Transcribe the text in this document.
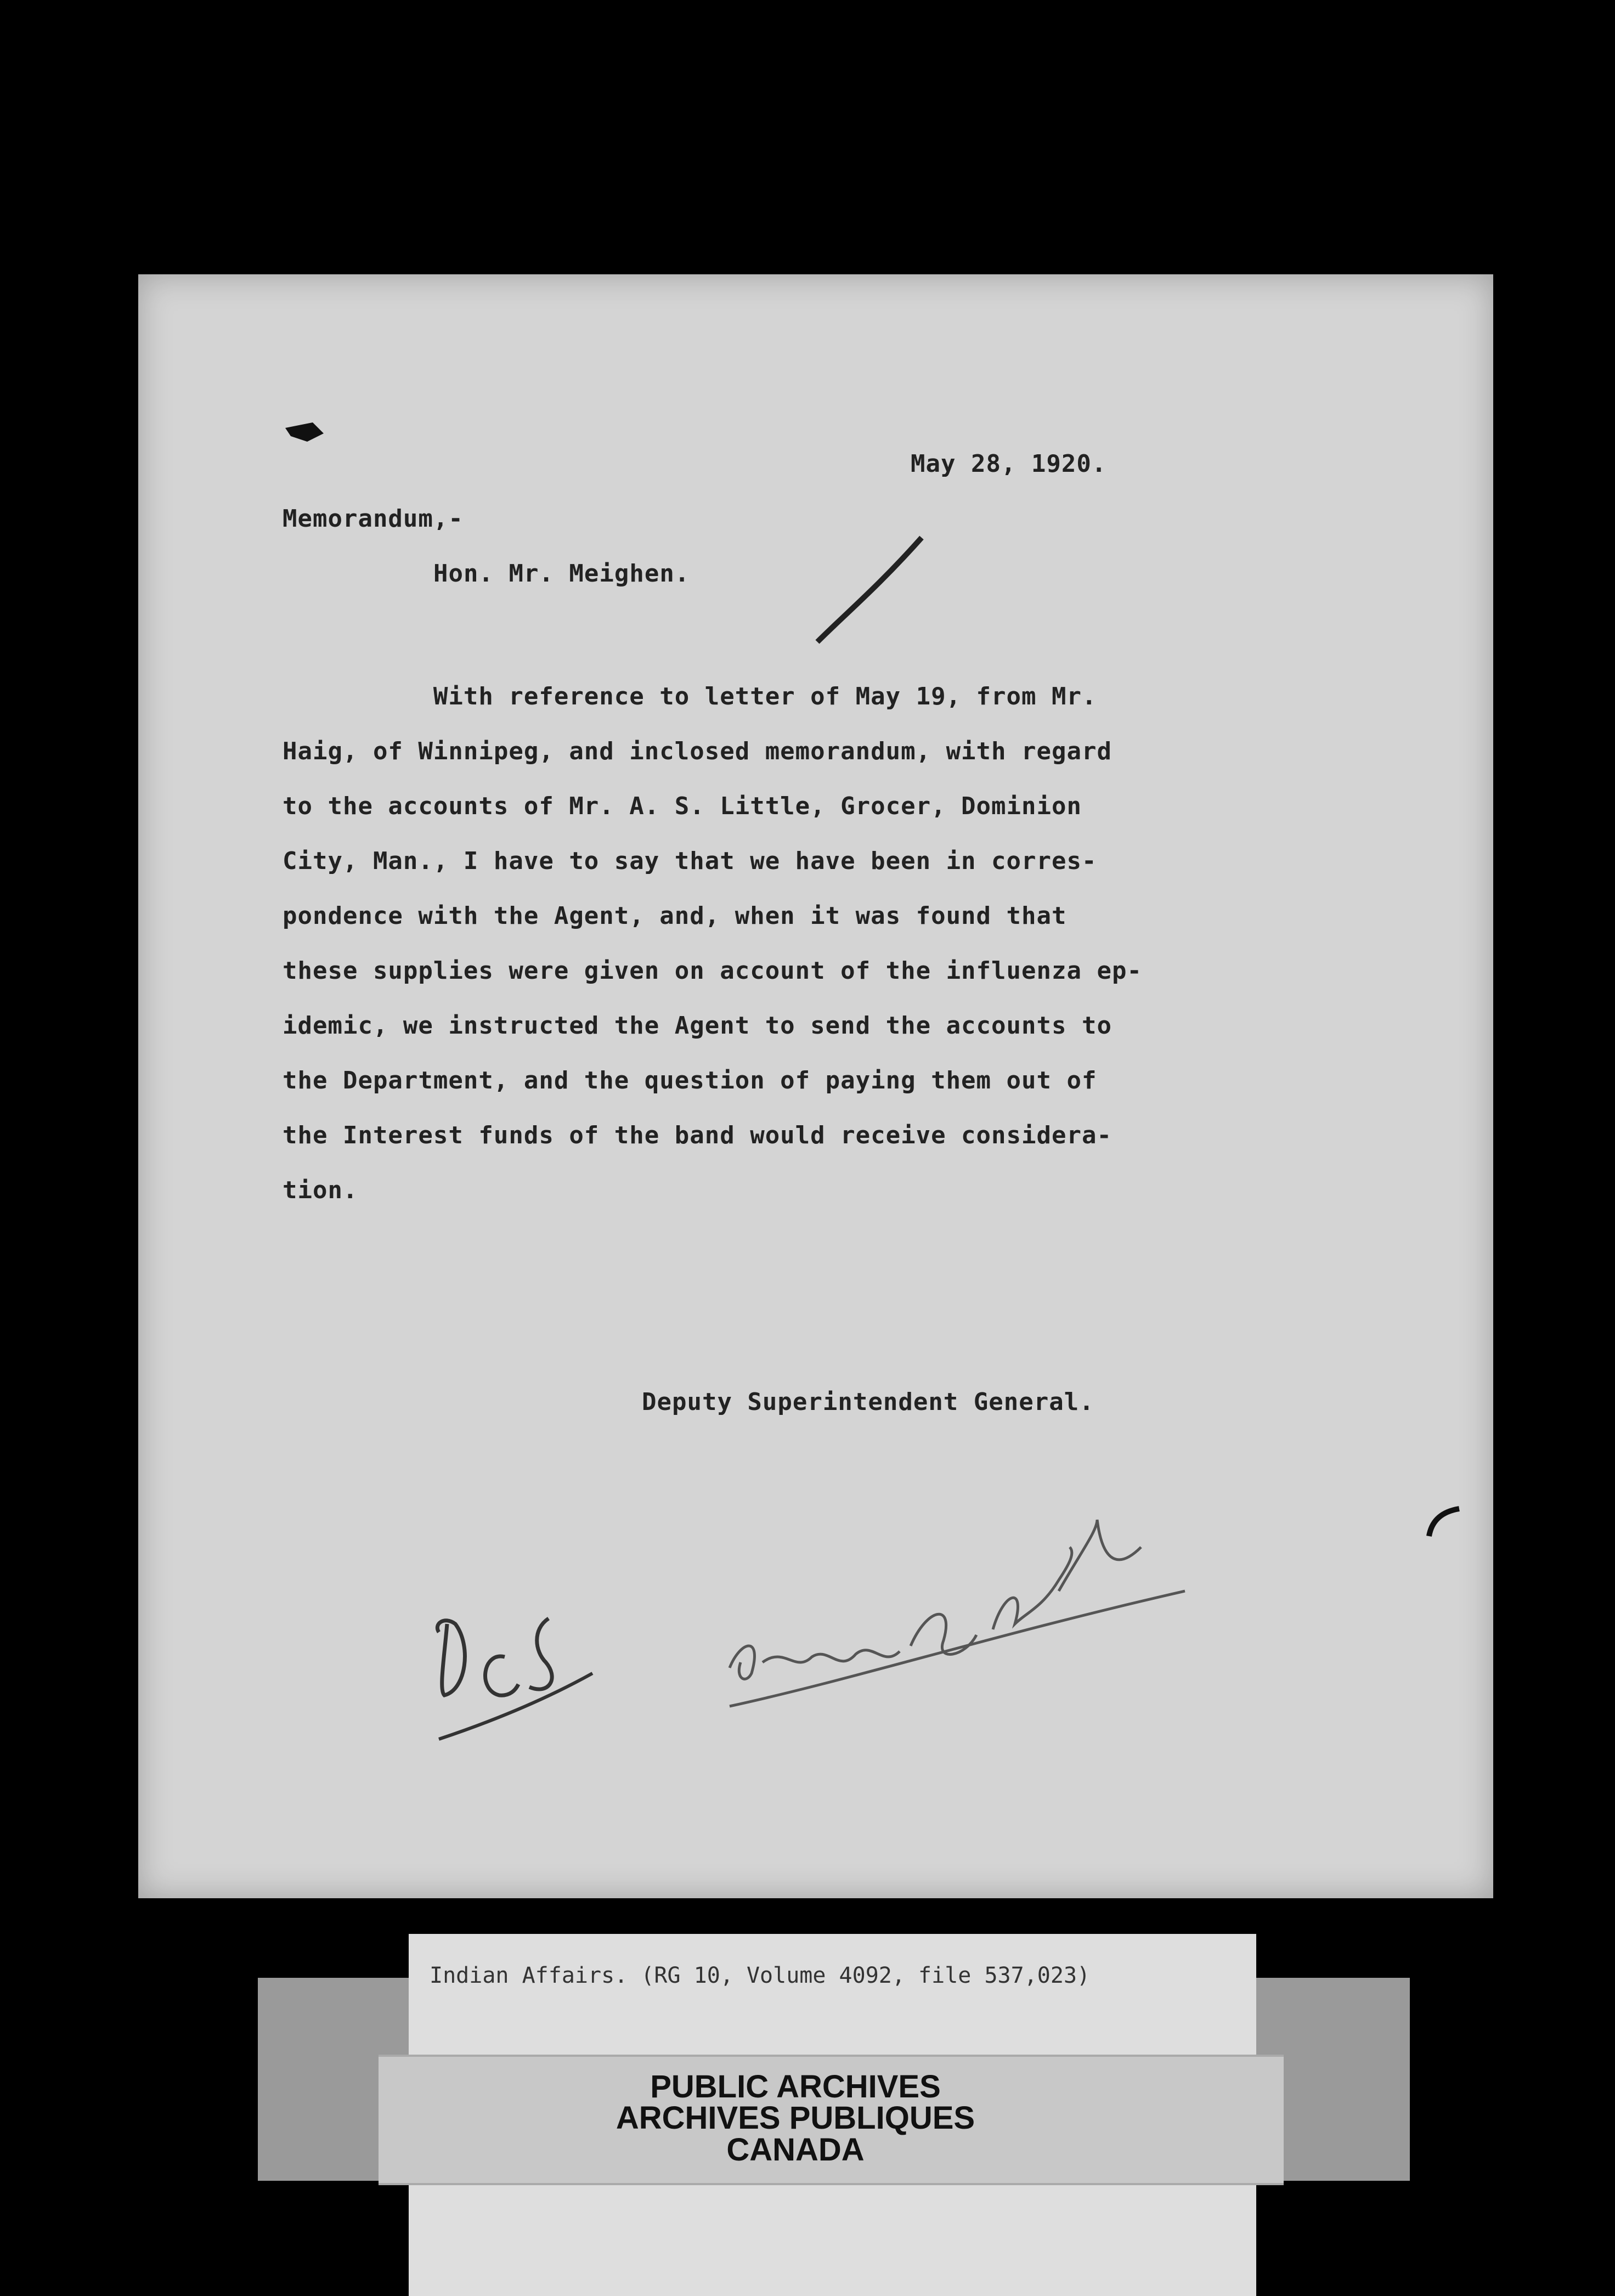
May 28, 1920.
Memorandum,-
Hon. Mr. Meighen.
With reference to letter of May 19, from Mr.
Haig, of Winnipeg, and inclosed memorandum, with regard
to the accounts of Mr. A. S. Little, Grocer, Dominion
City, Man., I have to say that we have been in corres-
pondence with the Agent, and, when it was found that
these supplies were given on account of the influenza ep-
idemic, we instructed the Agent to send the accounts to
the Department, and the question of paying them out of
the Interest funds of the band would receive considera-
tion.
Deputy Superintendent General.
Indian Affairs. (RG 10, Volume 4092, file 537,023)
PUBLIC ARCHIVES
ARCHIVES PUBLIQUES
CANADA
